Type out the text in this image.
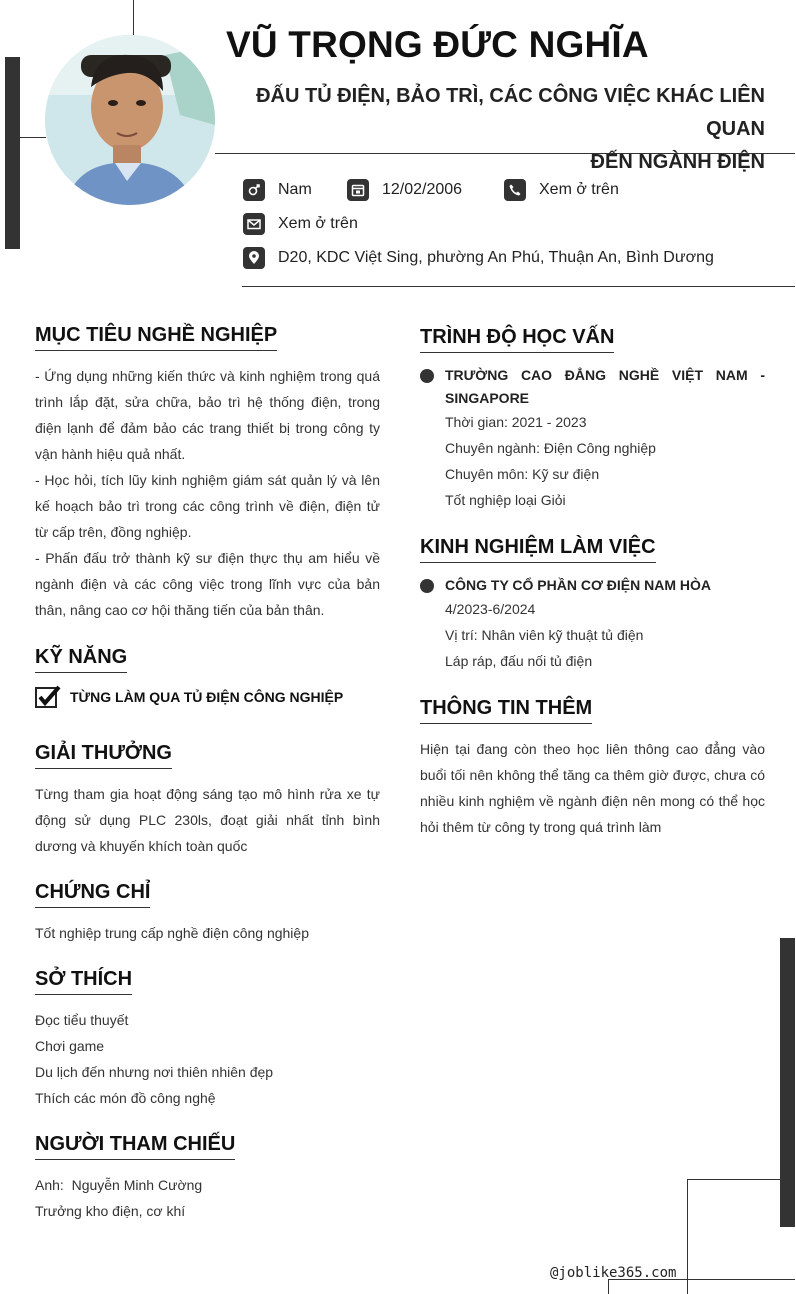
VŨ TRỌNG ĐỨC NGHĨA
ĐẤU TỦ ĐIỆN, BẢO TRÌ, CÁC CÔNG VIỆC KHÁC LIÊN QUAN
ĐẾN NGÀNH ĐIỆN
Nam	12/02/2006	Xem ở trên
Xem ở trên
D20, KDC Việt Sing, phường An Phú, Thuận An, Bình Dương
MỤC TIÊU NGHỀ NGHIỆP

- Ứng dụng những kiến thức và kinh nghiệm trong quá trình lắp đặt, sửa chữa, bảo trì hệ thống điện, trong điện lạnh để đảm bảo các trang thiết bị trong công ty vận hành hiệu quả nhất.

- Học hỏi, tích lũy kinh nghiệm giám sát quản lý và lên kế hoạch bảo trì trong các công trình về điện, điện tử từ cấp trên, đồng nghiệp.

- Phấn đấu trở thành kỹ sư điện thực thụ am hiểu về ngành điện và các công việc trong lĩnh vực của bản thân, nâng cao cơ hội thăng tiến của bản thân.

KỸ NĂNG
TỪNG LÀM QUA TỦ ĐIỆN CÔNG NGHIỆP
GIẢI THƯỞNG
Từng tham gia hoạt động sáng tạo mô hình rửa xe tự động sử dụng PLC 230ls, đoạt giải nhất tỉnh bình dương và khuyến khích toàn quốc
CHỨNG CHỈ
Tốt nghiệp trung cấp nghề điện công nghiệp
SỞ THÍCH
Đọc tiểu thuyết
Chơi game
Du lịch đến nhưng nơi thiên nhiên đẹp
Thích các món đồ công nghệ
NGƯỜI THAM CHIẾU
Anh:  Nguyễn Minh Cường
Trưởng kho điện, cơ khí
TRÌNH ĐỘ HỌC VẤN
TRƯỜNG CAO ĐẲNG NGHỀ VIỆT NAM - SINGAPORE
Thời gian: 2021 - 2023
Chuyên ngành: Điện Công nghiệp
Chuyên môn: Kỹ sư điện
Tốt nghiệp loại Giỏi
KINH NGHIỆM LÀM VIỆC
CÔNG TY CỔ PHẦN CƠ ĐIỆN NAM HÒA
4/2023-6/2024
Vị trí: Nhân viên kỹ thuật tủ điện
Láp ráp, đấu nối tủ điện
THÔNG TIN THÊM
Hiện tại đang còn theo học liên thông cao đẳng vào buổi tối nên không thể tăng ca thêm giờ được, chưa có nhiều kinh nghiệm về ngành điện nên mong có thể học hỏi thêm từ công ty trong quá trình làm
@joblike365.com
